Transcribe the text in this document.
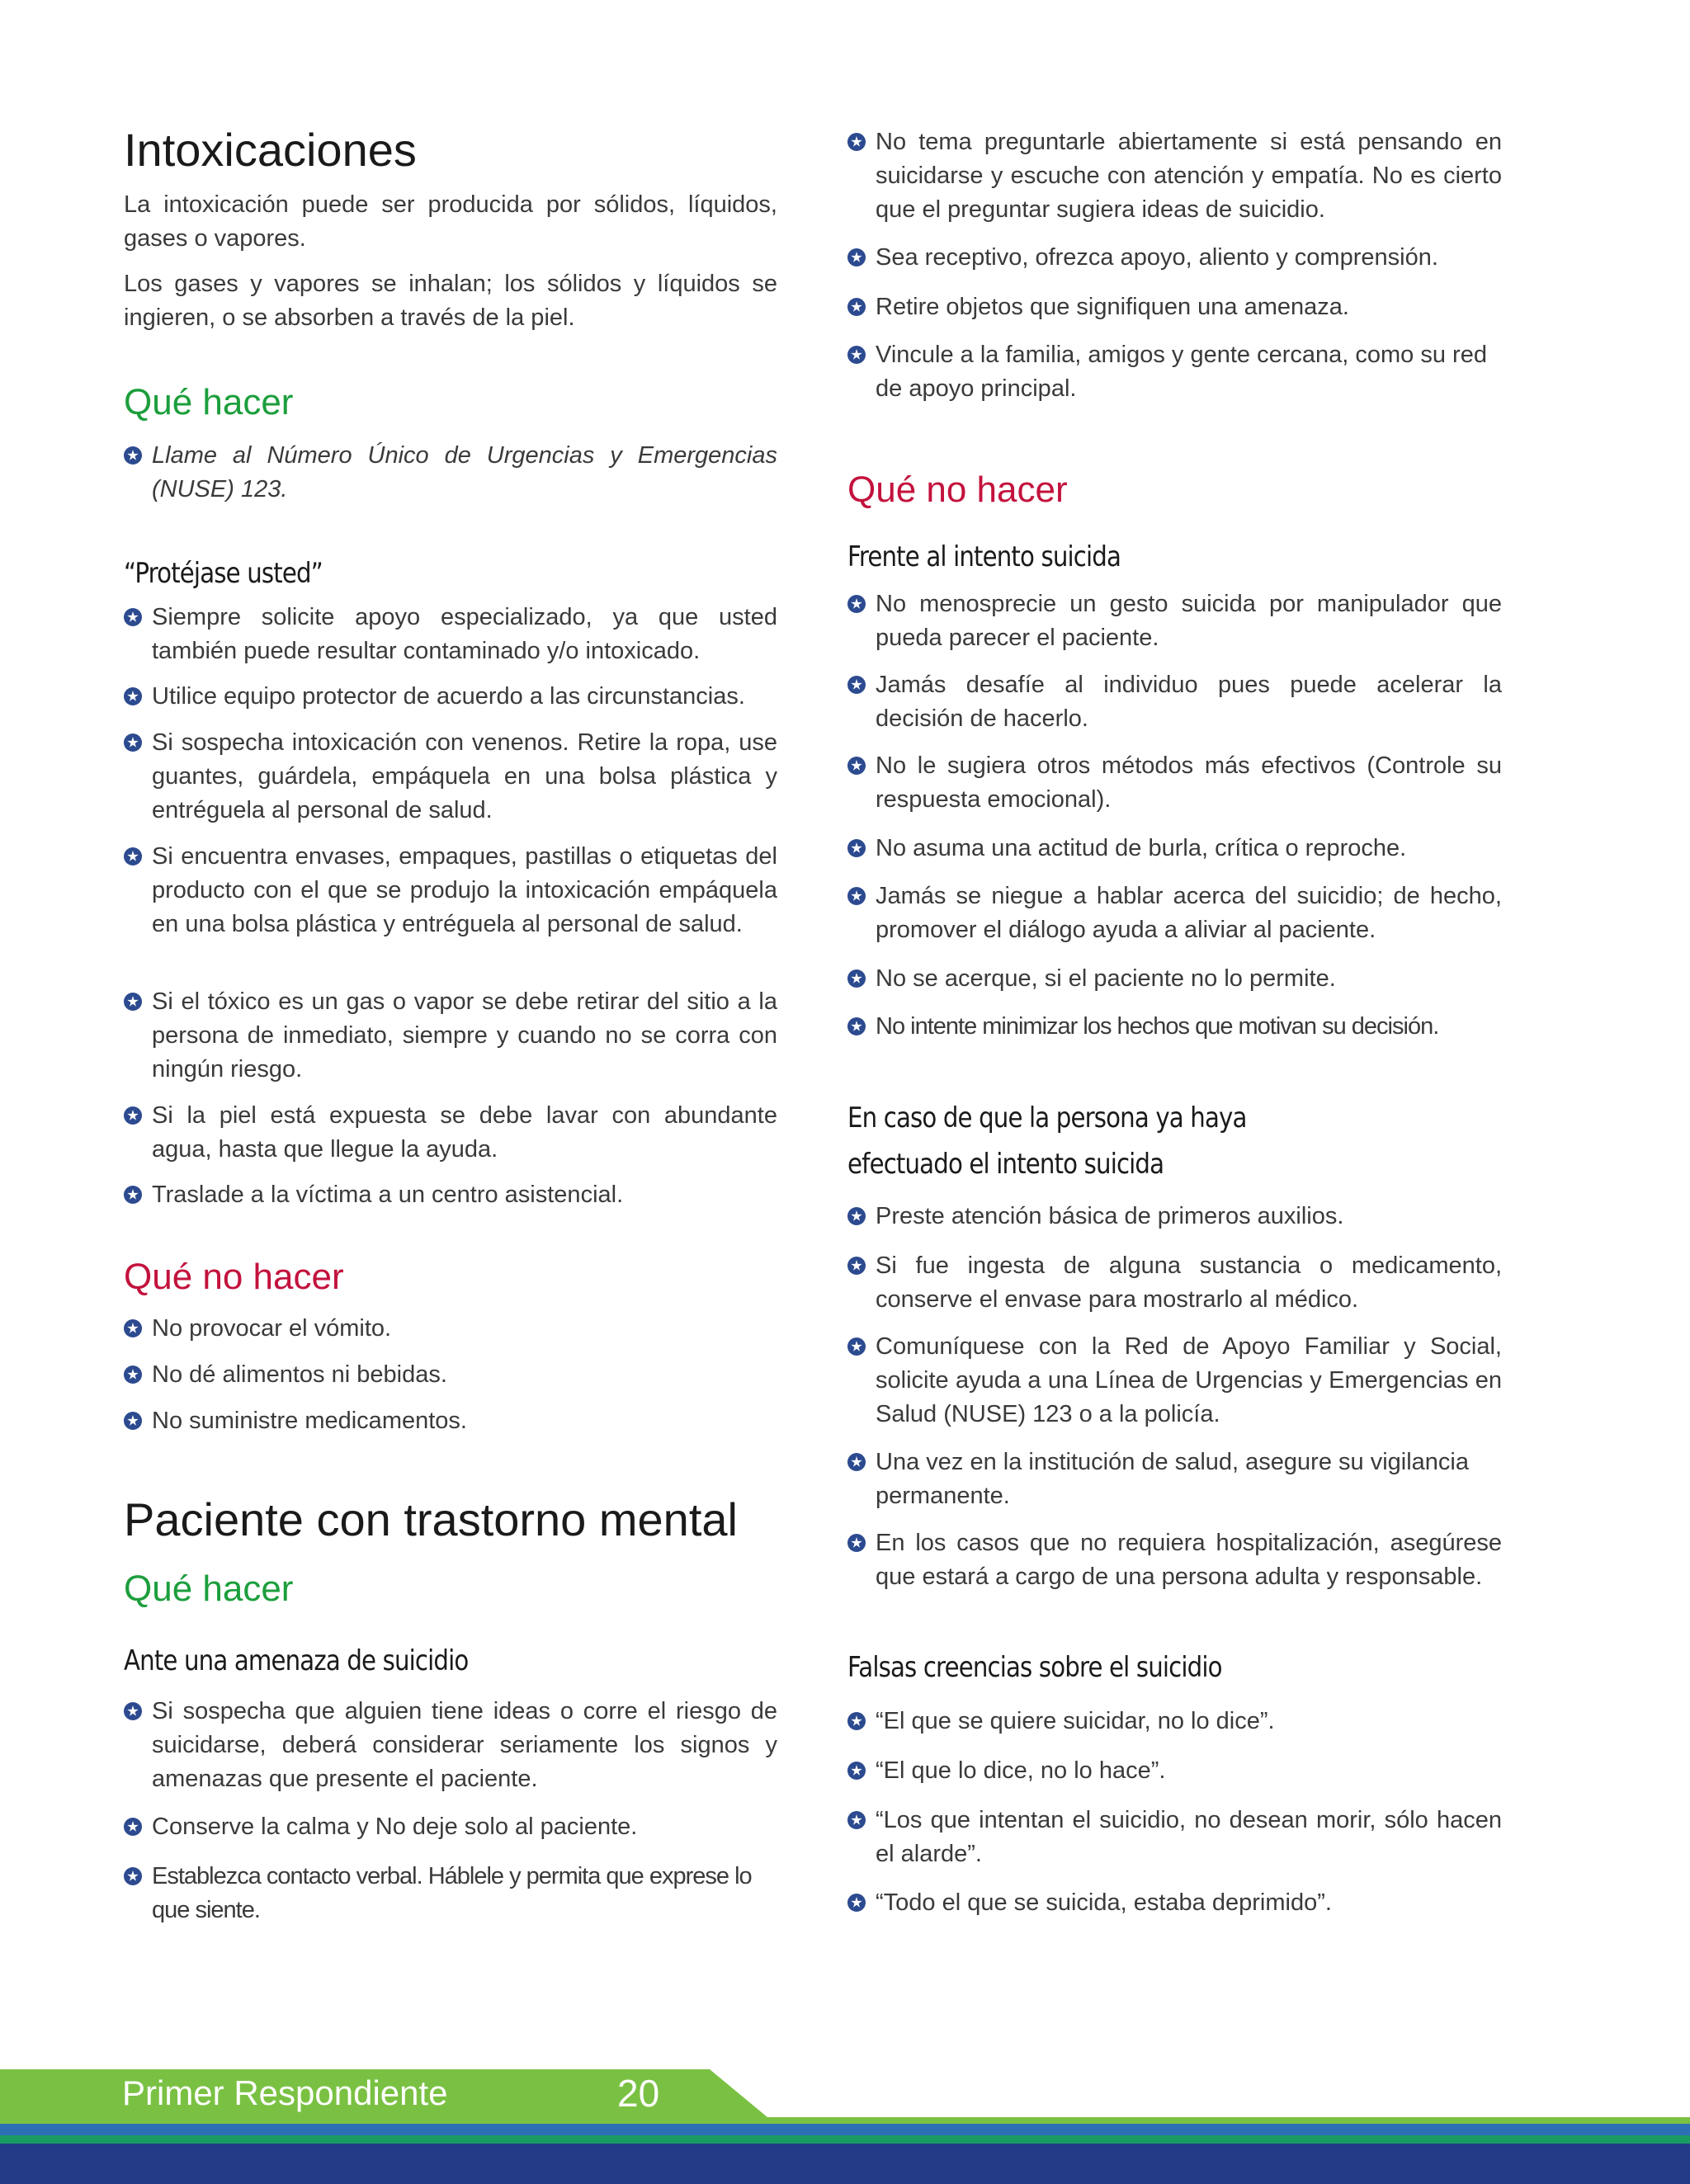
Intoxicaciones

La intoxicación puede ser producida por sólidos, líquidos, gases o vapores.

Los gases y vapores se inhalan; los sólidos y líquidos se ingieren, o se absorben a través de la piel.

Qué hacer
Llame al Número Único de Urgencias y Emergencias (NUSE) 123.
“Protéjase usted”
Siempre solicite apoyo especializado, ya que usted también puede resultar contaminado y/o intoxicado.
Utilice equipo protector de acuerdo a las circunstancias.
Si sospecha intoxicación con venenos. Retire la ropa, use guantes, guárdela, empáquela en una bolsa plástica y entréguela al personal de salud.
Si encuentra envases, empaques, pastillas o etiquetas del producto con el que se produjo la intoxicación empáquela en una bolsa plástica y entréguela al personal de salud.
Si el tóxico es un gas o vapor se debe retirar del sitio a la persona de inmediato, siempre y cuando no se corra con ningún riesgo.
Si la piel está expuesta se debe lavar con abundante agua, hasta que llegue la ayuda.
Traslade a la víctima a un centro asistencial.
Qué no hacer
No provocar el vómito.
No dé alimentos ni bebidas.
No suministre medicamentos.
Paciente con trastorno mental
Qué hacer
Ante una amenaza de suicidio
Si sospecha que alguien tiene ideas o corre el riesgo de suicidarse, deberá considerar seriamente los signos y amenazas que presente el paciente.
Conserve la calma y No deje solo al paciente.
Establezca contacto verbal. Háblele y permita que exprese lo que siente.
No tema preguntarle abiertamente si está pensando en suicidarse y escuche con atención y empatía. No es cierto que el preguntar sugiera ideas de suicidio.
Sea receptivo, ofrezca apoyo, aliento y comprensión.
Retire objetos que signifiquen una amenaza.
Vincule a la familia, amigos y gente cercana, como su red de apoyo principal.
Qué no hacer
Frente al intento suicida
No menosprecie un gesto suicida por manipulador que pueda parecer el paciente.
Jamás desafíe al individuo pues puede acelerar la decisión de hacerlo.
No le sugiera otros métodos más efectivos (Controle su respuesta emocional).
No asuma una actitud de burla, crítica o reproche.
Jamás se niegue a hablar acerca del suicidio; de hecho, promover el diálogo ayuda a aliviar al paciente.
No se acerque, si el paciente no lo permite.
No intente minimizar los hechos que motivan su decisión.
En caso de que la persona ya haya
efectuado el intento suicida
Preste atención básica de primeros auxilios.
Si fue ingesta de alguna sustancia o medicamento, conserve el envase para mostrarlo al médico.
Comuníquese con la Red de Apoyo Familiar y Social, solicite ayuda a una Línea de Urgencias y Emergencias en Salud (NUSE) 123 o a la policía.
Una vez en la institución de salud, asegure su vigilancia permanente.
En los casos que no requiera hospitalización, asegúrese que estará a cargo de una persona adulta y responsable.
Falsas creencias sobre el suicidio
“El que se quiere suicidar, no lo dice”.
“El que lo dice, no lo hace”.
“Los que intentan el suicidio, no desean morir, sólo hacen el alarde”.
“Todo el que se suicida, estaba deprimido”.
Primer Respondiente	20
